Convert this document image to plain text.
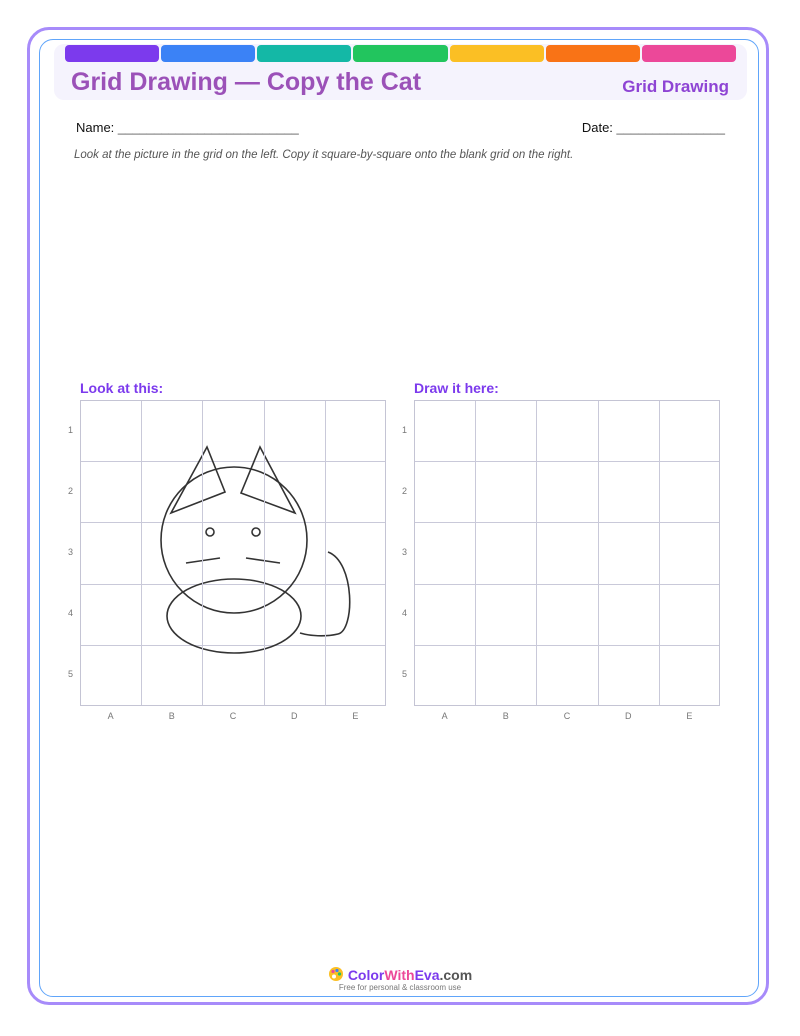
Grid Drawing — Copy the Cat	Grid Drawing
Name: _________________________	Date: _______________
Look at the picture in the grid on the left. Copy it square-by-square onto the blank grid on the right.
Look at this:	Draw it here:
ColorWithEva.com
Free for personal & classroom use
1
2
3
4
5
A	B	C	D	E
1
2
3
4
5
A	B	C	D	E
